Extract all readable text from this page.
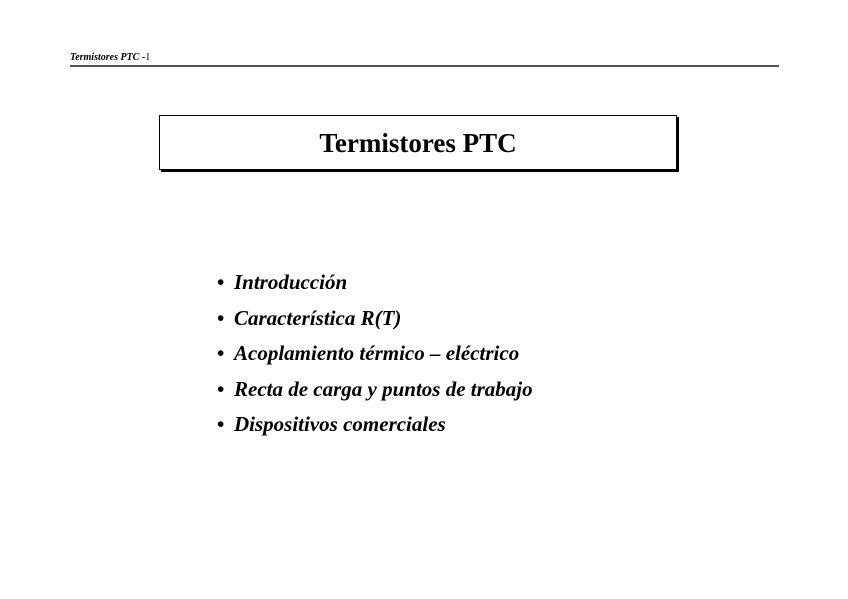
Termistores PTC -1
Termistores PTC
• Introducción
• Característica R(T)
• Acoplamiento térmico – eléctrico
• Recta de carga y puntos de trabajo
• Dispositivos comerciales
